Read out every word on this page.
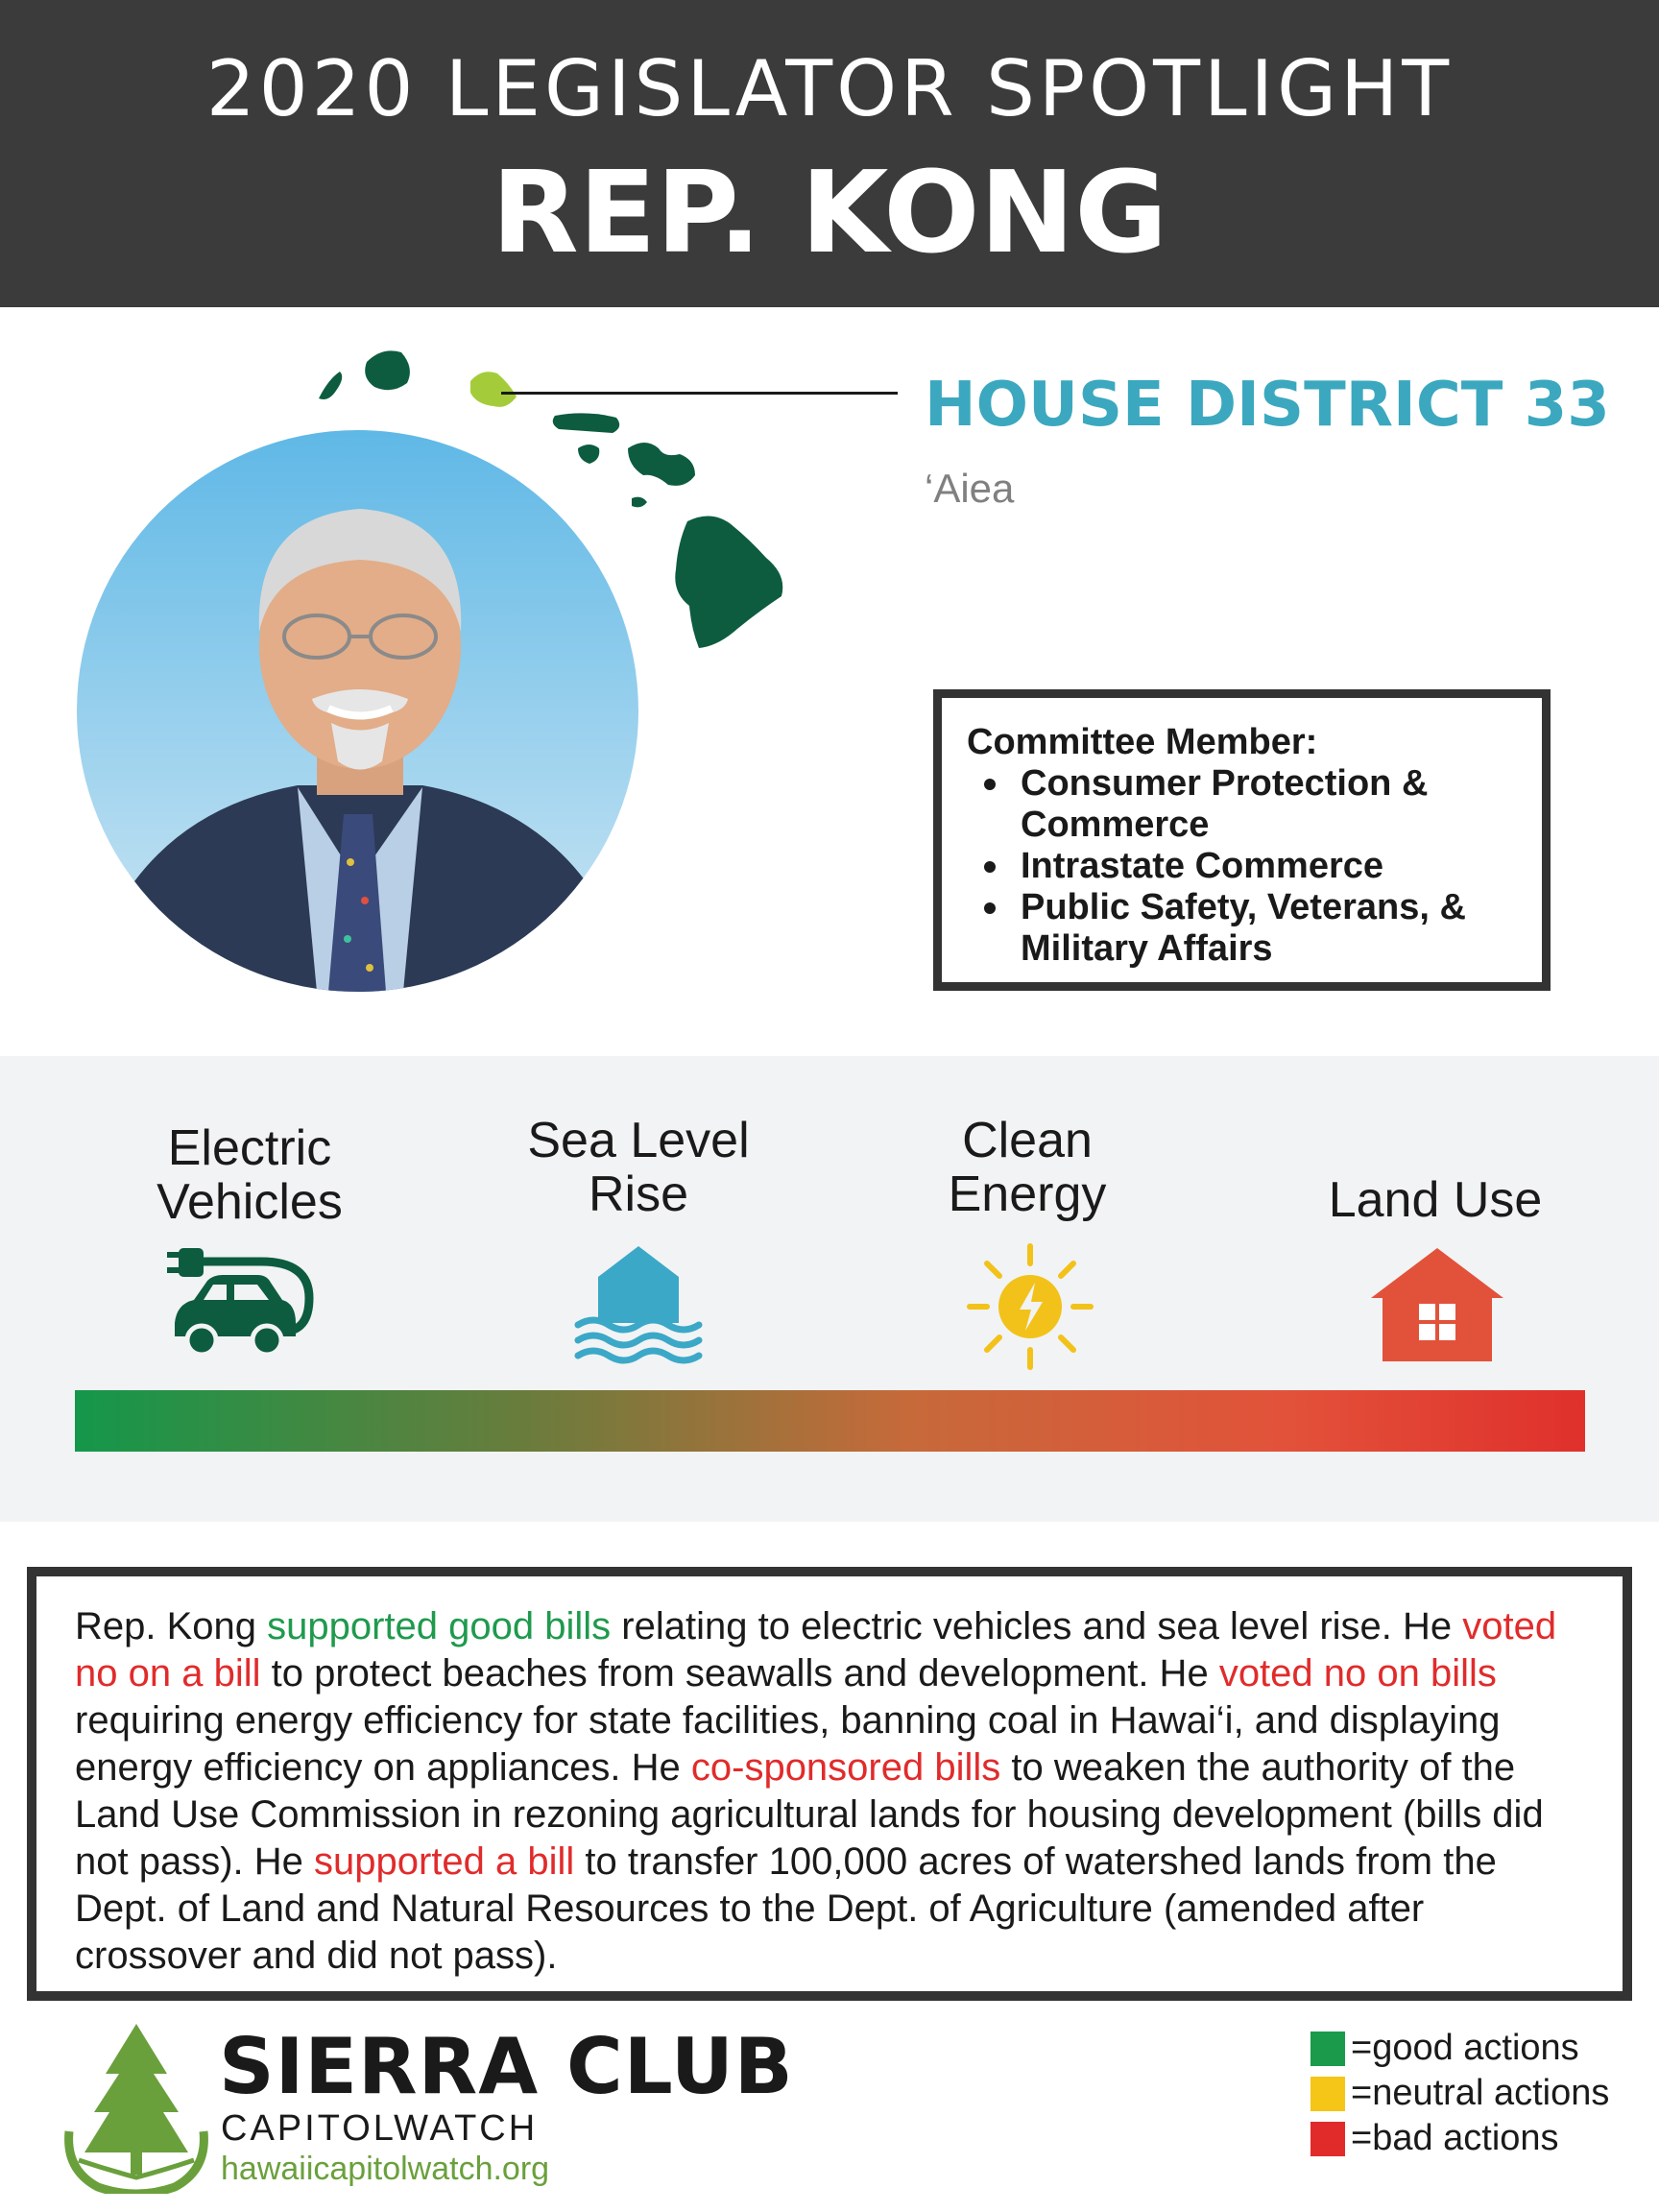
2020 LEGISLATOR SPOTLIGHT
REP. KONG
HOUSE DISTRICT 33
‘Aiea
Committee Member:
Consumer Protection & Commerce
Intrastate Commerce
Public Safety, Veterans, & Military Affairs
Electric
Vehicles
Sea Level
Rise
Clean
Energy	Land Use

Rep. Kong supported good bills relating to electric vehicles and sea level rise. He voted no on a bill to protect beaches from seawalls and development. He voted no on bills requiring energy efficiency for state facilities, banning coal in Hawai‘i, and displaying energy efficiency on appliances. He co-sponsored bills to weaken the authority of the Land Use Commission in rezoning agricultural lands for housing development (bills did not pass). He supported a bill to transfer 100,000 acres of watershed lands from the Dept. of Land and Natural Resources to the Dept. of Agriculture (amended after crossover and did not pass).

SIERRA CLUB
CAPITOLWATCH
hawaiicapitolwatch.org
=good actions
=neutral actions
=bad actions
